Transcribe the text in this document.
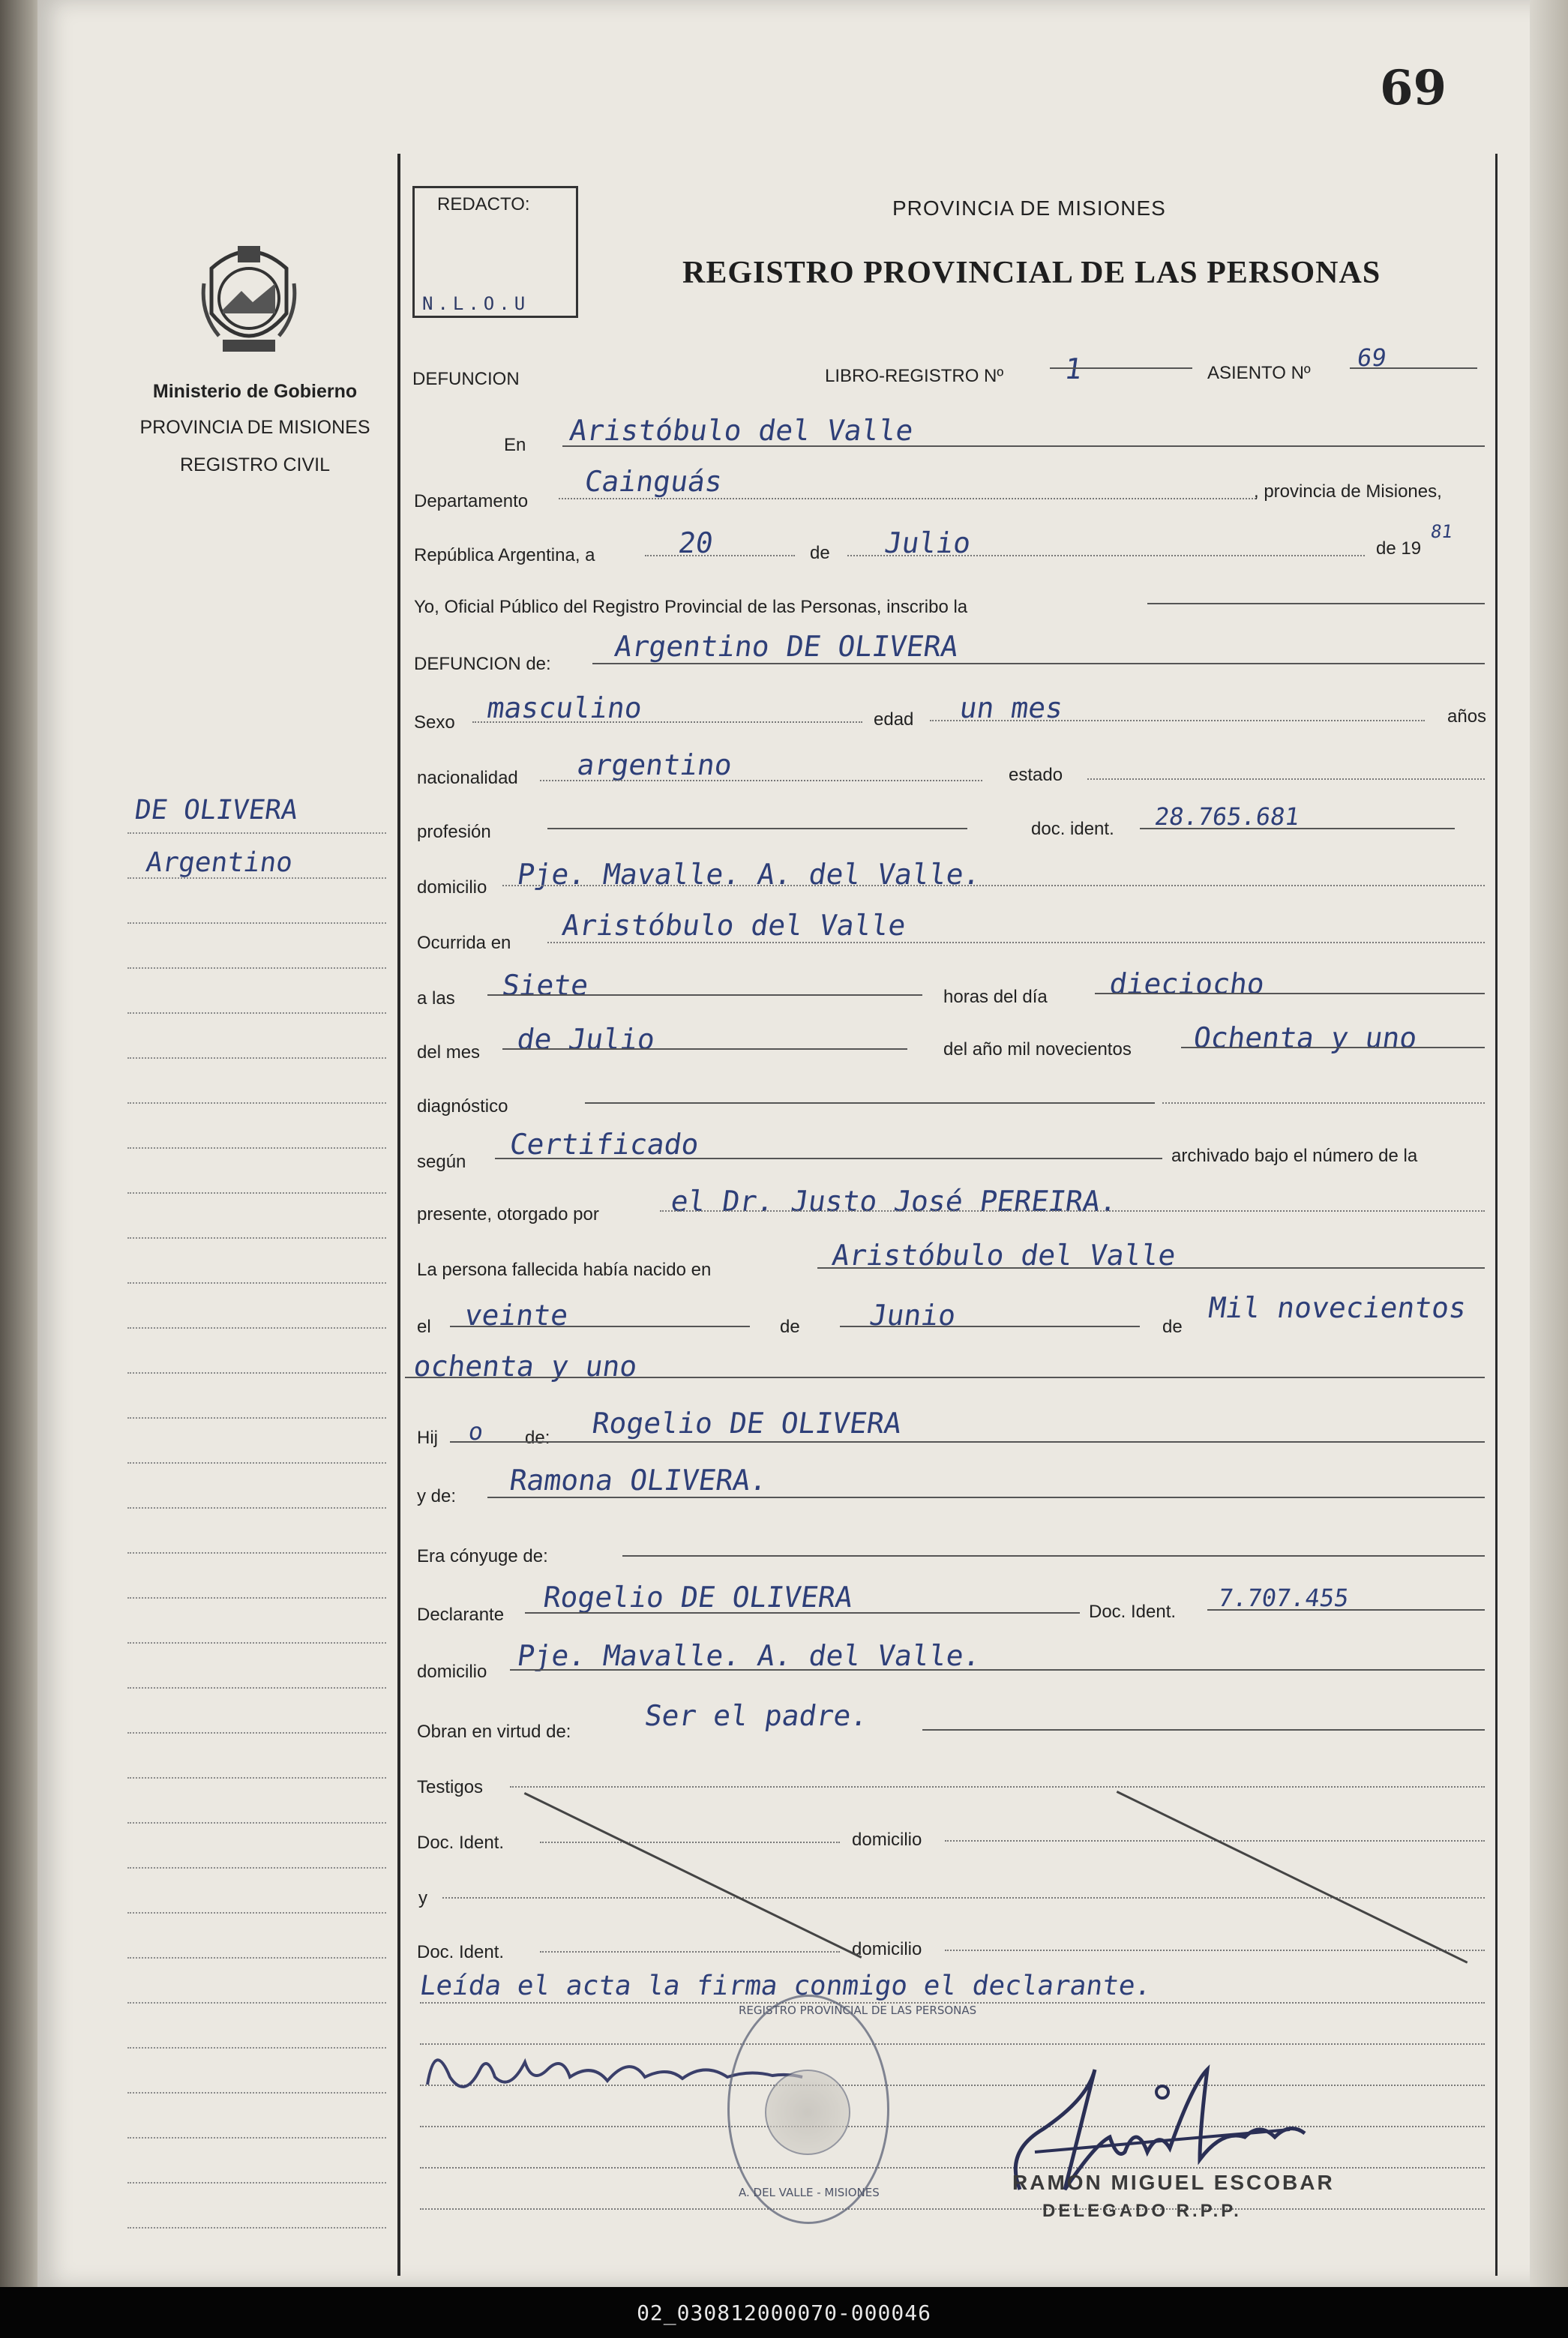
69
REDACTO:
N.L.O.U
PROVINCIA DE MISIONES
REGISTRO PROVINCIAL DE LAS PERSONAS
Ministerio de Gobierno
PROVINCIA DE MISIONES
REGISTRO CIVIL
DE OLIVERA
Argentino
DEFUNCION	LIBRO-REGISTRO Nº 1	ASIENTO Nº
69
En Aristóbulo del Valle
Departamento
Cainguás	, provincia de Misiones,
República Argentina, a	20	de Julio	de 19
81
Yo, Oficial Público del Registro Provincial de las Personas, inscribo la
DEFUNCION de:
Argentino DE OLIVERA
Sexo masculino	edad un mes	años
nacionalidad argentino	estado
profesión	doc. ident. 28.765.681
domicilio Pje. Mavalle. A. del Valle.
Ocurrida en
Aristóbulo del Valle
a las Siete	horas del día dieciocho
del mes de Julio	del año mil novecientos Ochenta y uno
diagnóstico
según
Certificado	archivado bajo el número de la
presente, otorgado por el Dr. Justo José PEREIRA.
La persona fallecida había nacido en	Aristóbulo del Valle
el veinte	de Junio	de
Mil novecientos
ochenta y uno
Hij o de: Rogelio DE OLIVERA
y de: Ramona OLIVERA.
Era cónyuge de:
Declarante
Rogelio DE OLIVERA	Doc. Ident. 7.707.455
domicilio Pje. Mavalle. A. del Valle.
Obran en virtud de:	Ser el padre.
Testigos
Doc. Ident.	domicilio
y
Doc. Ident.	domicilio
Leída el acta la firma conmigo el declarante.
REGISTRO PROVINCIAL DE LAS PERSONAS
A. DEL VALLE - MISIONES	RAMON MIGUEL ESCOBAR
DELEGADO R.P.P.
02_030812000070-000046
